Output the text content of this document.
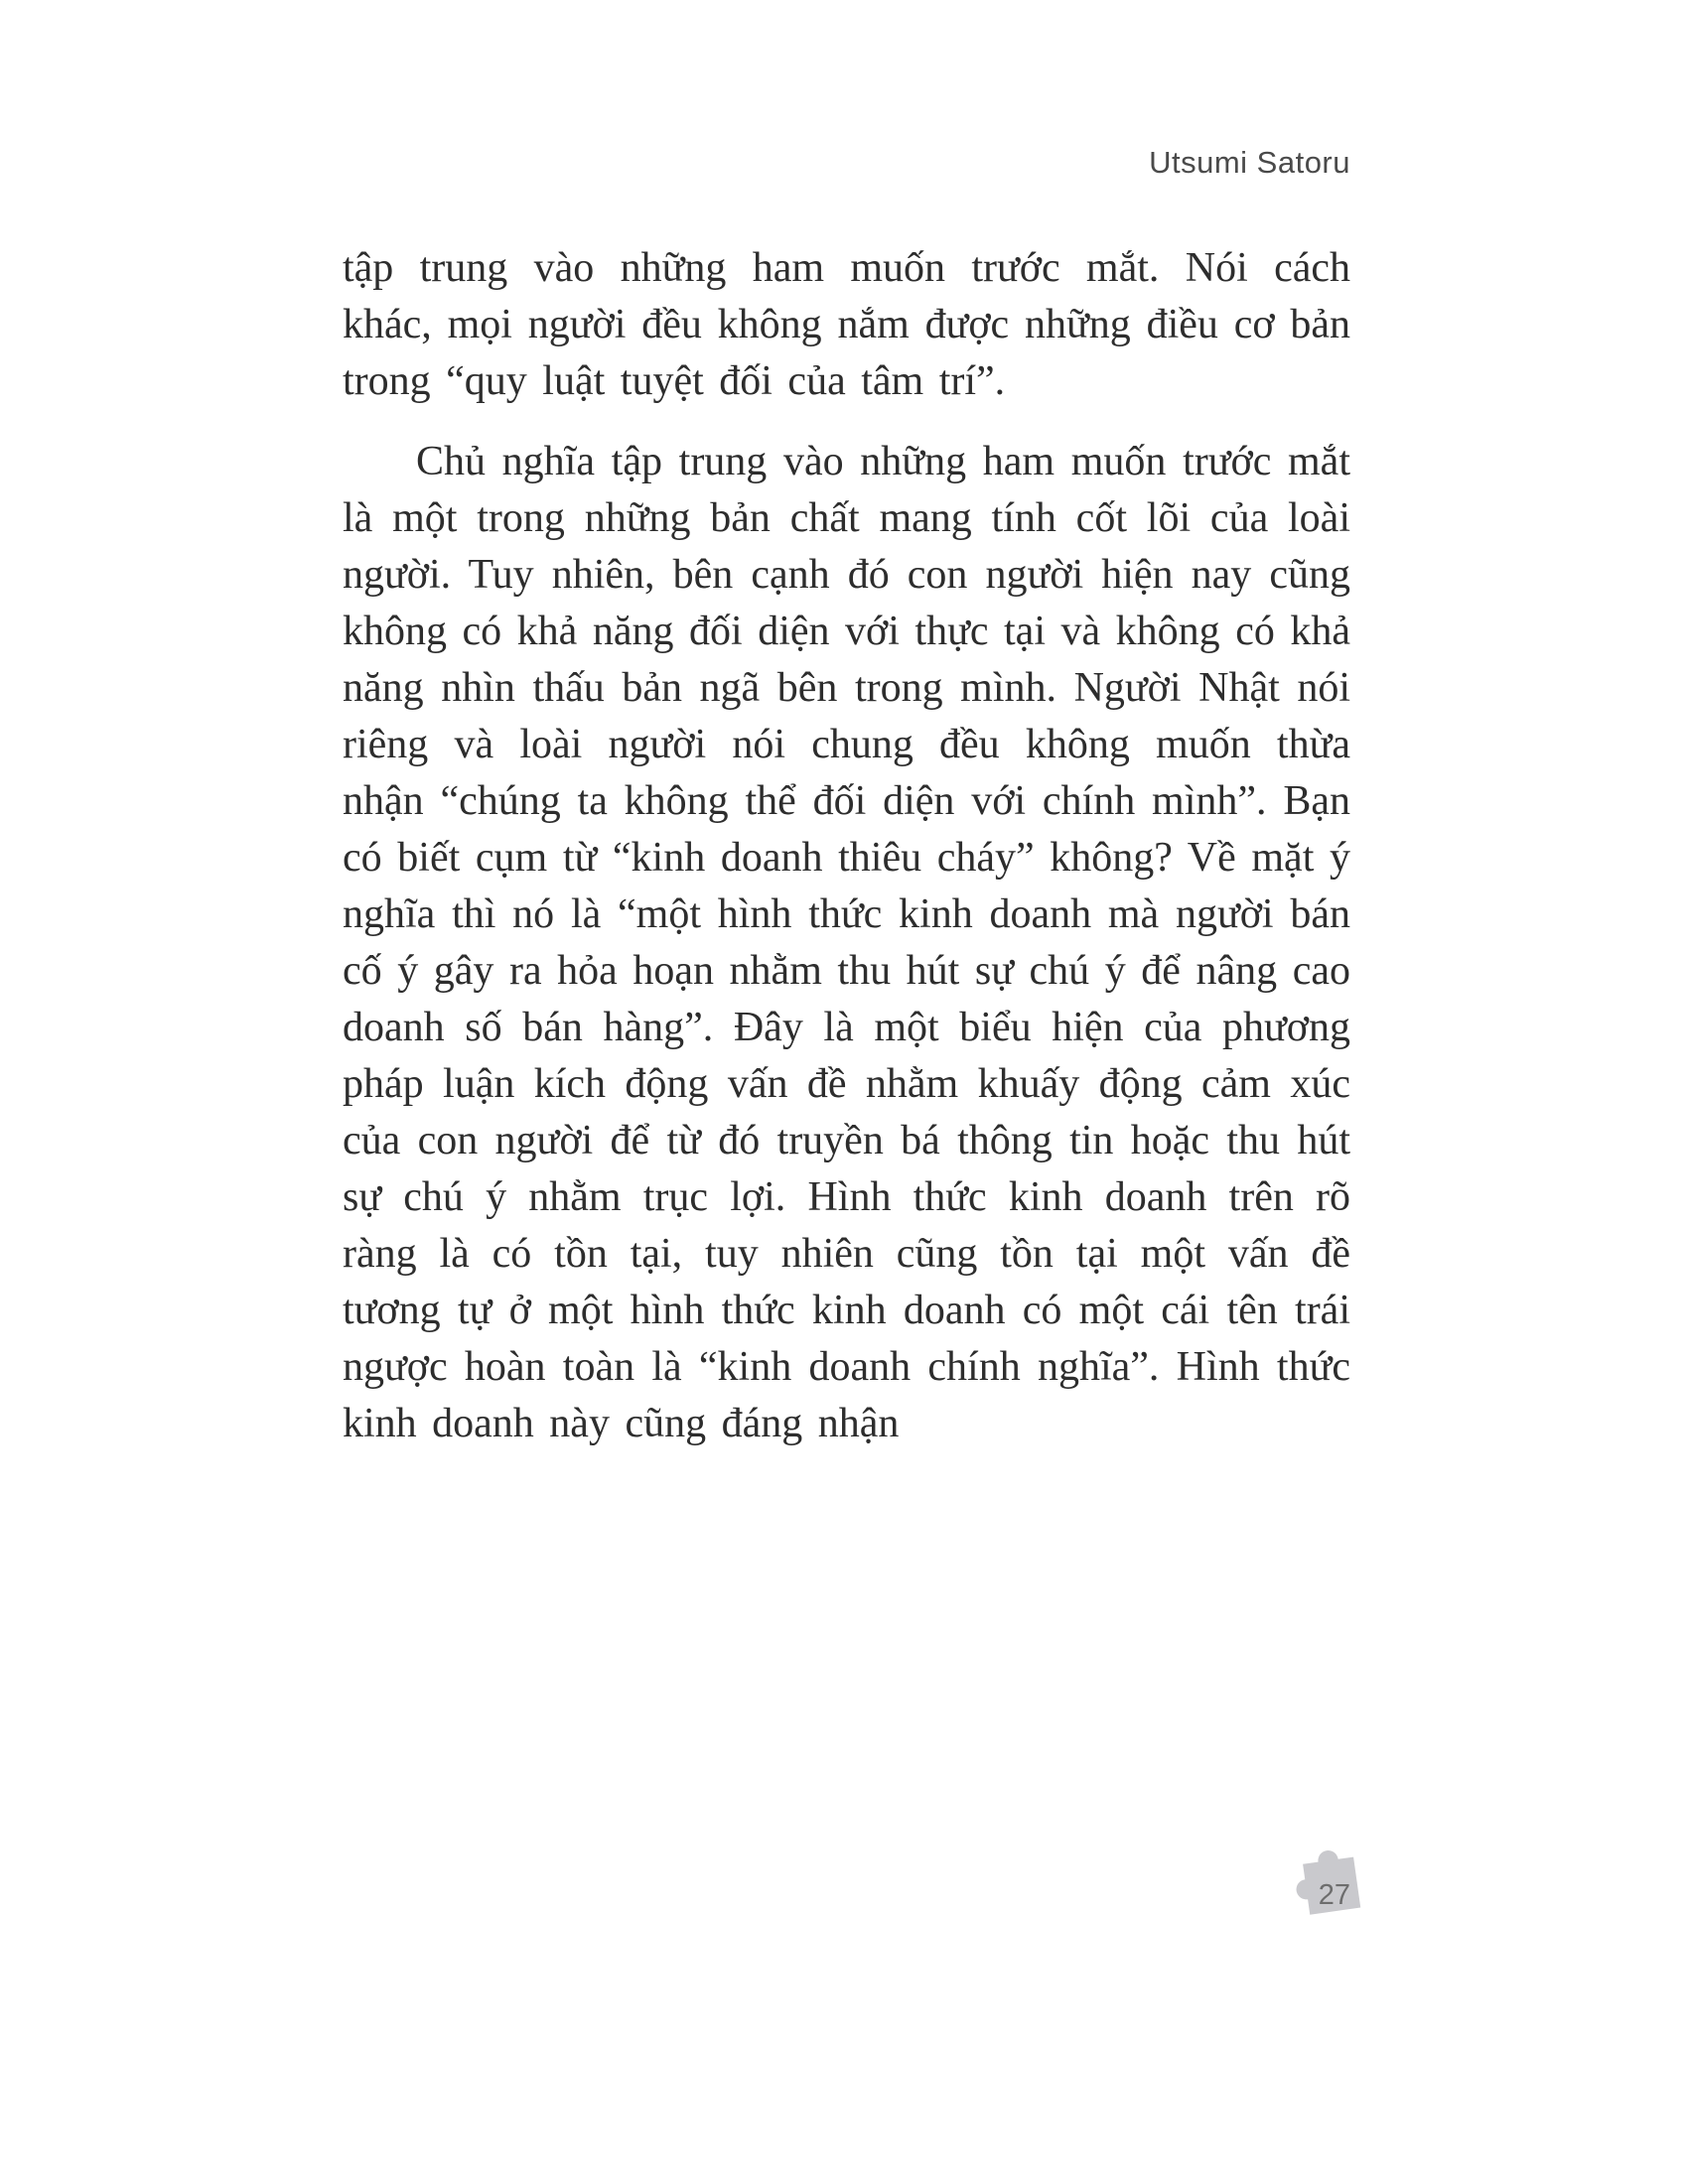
Utsumi Satoru

tập trung vào những ham muốn trước mắt. Nói cách khác, mọi người đều không nắm được những điều cơ bản trong “quy luật tuyệt đối của tâm trí”.

Chủ nghĩa tập trung vào những ham muốn trước mắt là một trong những bản chất mang tính cốt lõi của loài người. Tuy nhiên, bên cạnh đó con người hiện nay cũng không có khả năng đối diện với thực tại và không có khả năng nhìn thấu bản ngã bên trong mình. Người Nhật nói riêng và loài người nói chung đều không muốn thừa nhận “chúng ta không thể đối diện với chính mình”. Bạn có biết cụm từ “kinh doanh thiêu cháy” không? Về mặt ý nghĩa thì nó là “một hình thức kinh doanh mà người bán cố ý gây ra hỏa hoạn nhằm thu hút sự chú ý để nâng cao doanh số bán hàng”. Đây là một biểu hiện của phương pháp luận kích động vấn đề nhằm khuấy động cảm xúc của con người để từ đó truyền bá thông tin hoặc thu hút sự chú ý nhằm trục lợi. Hình thức kinh doanh trên rõ ràng là có tồn tại, tuy nhiên cũng tồn tại một vấn đề tương tự ở một hình thức kinh doanh có một cái tên trái ngược hoàn toàn là “kinh doanh chính nghĩa”. Hình thức kinh doanh này cũng đáng nhận

27
